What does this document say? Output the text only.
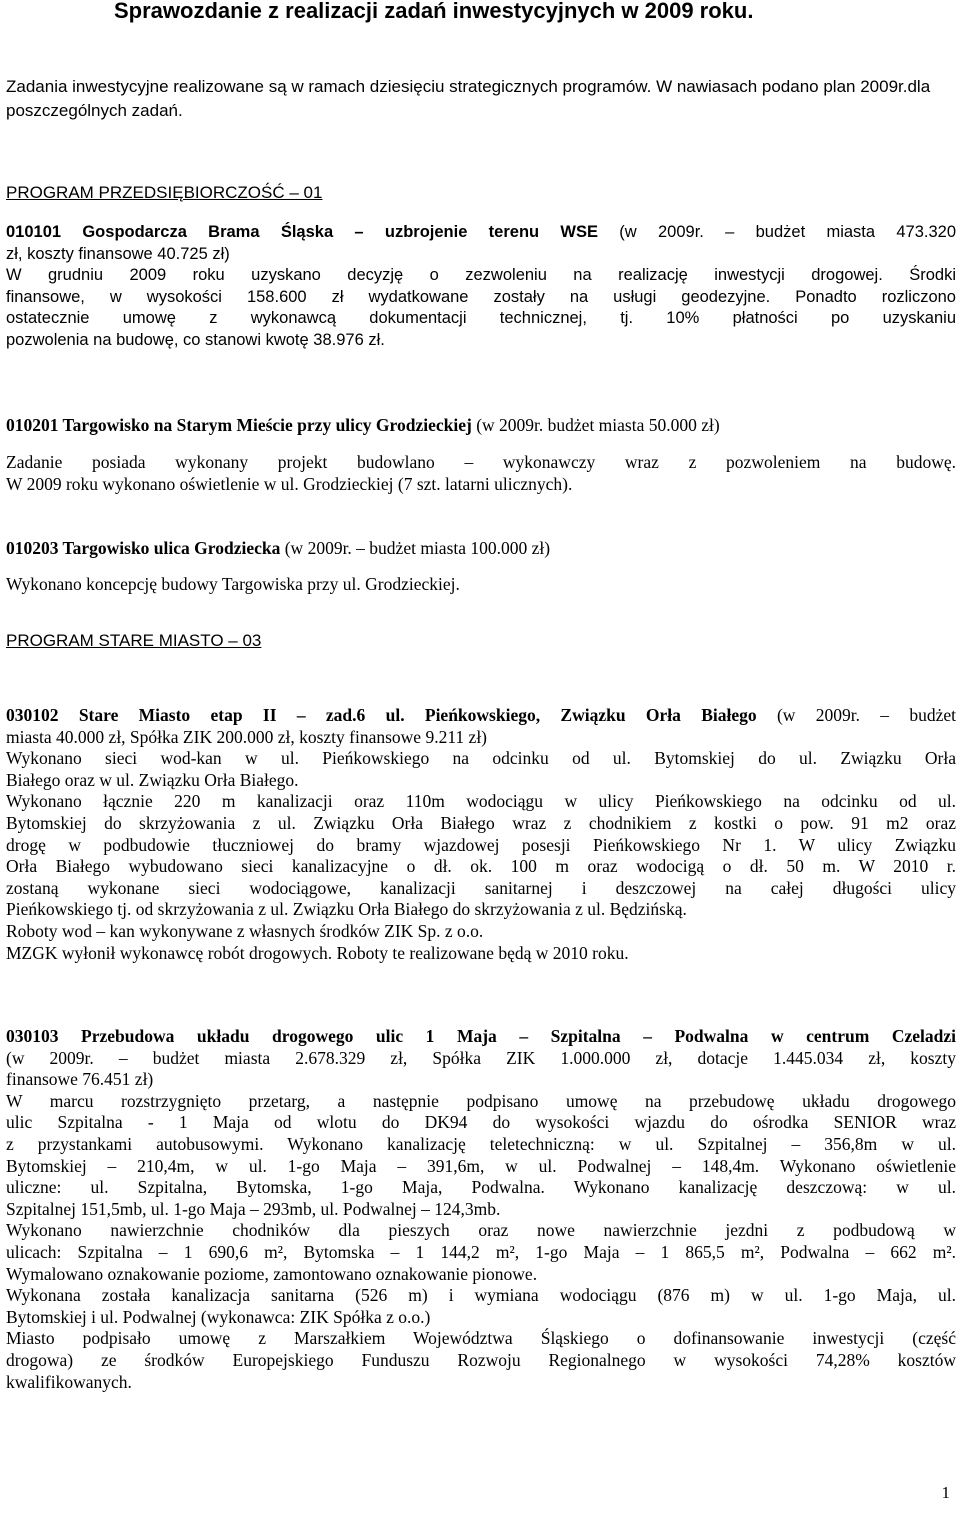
Sprawozdanie z realizacji zadań inwestycyjnych w 2009 roku.

Zadania inwestycyjne realizowane są w ramach dziesięciu strategicznych programów. W nawiasach podano plan 2009r.dla poszczególnych zadań.

PROGRAM PRZEDSIĘBIORCZOŚĆ – 01

010101 Gospodarcza Brama Śląska – uzbrojenie terenu WSE (w 2009r. – budżet miasta 473.320
zł, koszty finansowe 40.725 zł)
W grudniu 2009 roku uzyskano decyzję o zezwoleniu na realizację inwestycji drogowej. Środki
finansowe, w wysokości 158.600 zł wydatkowane zostały na usługi geodezyjne. Ponadto rozliczono
ostatecznie umowę z wykonawcą dokumentacji technicznej, tj. 10% płatności po uzyskaniu
pozwolenia na budowę, co stanowi kwotę 38.976 zł.
010201 Targowisko na Starym Mieście przy ulicy Grodzieckiej (w 2009r. budżet miasta 50.000 zł)
Zadanie posiada wykonany projekt budowlano – wykonawczy wraz z pozwoleniem na budowę.
W 2009 roku wykonano oświetlenie w ul. Grodzieckiej (7 szt. latarni ulicznych).
010203 Targowisko ulica Grodziecka (w 2009r. – budżet miasta 100.000 zł)
Wykonano koncepcję budowy Targowiska przy ul. Grodzieckiej.

PROGRAM STARE MIASTO – 03

030102 Stare Miasto etap II – zad.6 ul. Pieńkowskiego, Związku Orła Białego (w 2009r. – budżet
miasta 40.000 zł, Spółka ZIK 200.000 zł, koszty finansowe 9.211 zł)
Wykonano sieci wod-kan w ul. Pieńkowskiego na odcinku od ul. Bytomskiej do ul. Związku Orła
Białego oraz w ul. Związku Orła Białego.
Wykonano łącznie 220 m kanalizacji oraz 110m wodociągu w ulicy Pieńkowskiego na odcinku od ul.
Bytomskiej do skrzyżowania z ul. Związku Orła Białego wraz z chodnikiem z kostki o pow. 91 m2 oraz
drogę w podbudowie tłuczniowej do bramy wjazdowej posesji Pieńkowskiego Nr 1. W ulicy Związku
Orła Białego wybudowano sieci kanalizacyjne o dł. ok. 100 m oraz wodocigą o dł. 50 m. W 2010 r.
zostaną wykonane sieci wodociągowe, kanalizacji sanitarnej i deszczowej na całej długości ulicy
Pieńkowskiego tj. od skrzyżowania z ul. Związku Orła Białego do skrzyżowania z ul. Będzińską.
Roboty wod – kan wykonywane z własnych środków ZIK Sp. z o.o.
MZGK wyłonił wykonawcę robót drogowych. Roboty te realizowane będą w 2010 roku.
030103 Przebudowa układu drogowego ulic 1 Maja – Szpitalna – Podwalna w centrum Czeladzi
(w 2009r. – budżet miasta 2.678.329 zł, Spółka ZIK 1.000.000 zł, dotacje 1.445.034 zł, koszty
finansowe 76.451 zł)
W marcu rozstrzygnięto przetarg, a następnie podpisano umowę na przebudowę układu drogowego
ulic Szpitalna - 1 Maja od wlotu do DK94 do wysokości wjazdu do ośrodka SENIOR wraz
z przystankami autobusowymi. Wykonano kanalizację teletechniczną: w ul. Szpitalnej – 356,8m w ul.
Bytomskiej – 210,4m, w ul. 1-go Maja – 391,6m, w ul. Podwalnej – 148,4m. Wykonano oświetlenie
uliczne: ul. Szpitalna, Bytomska, 1-go Maja, Podwalna. Wykonano kanalizację deszczową: w ul.
Szpitalnej 151,5mb, ul. 1-go Maja – 293mb, ul. Podwalnej – 124,3mb.
Wykonano nawierzchnie chodników dla pieszych oraz nowe nawierzchnie jezdni z podbudową w
ulicach: Szpitalna – 1 690,6 m², Bytomska – 1 144,2 m², 1-go Maja – 1 865,5 m², Podwalna – 662 m².
Wymalowano oznakowanie poziome, zamontowano oznakowanie pionowe.
Wykonana została kanalizacja sanitarna (526 m) i wymiana wodociągu (876 m) w ul. 1-go Maja, ul.
Bytomskiej i ul. Podwalnej (wykonawca: ZIK Spółka z o.o.)
Miasto podpisało umowę z Marszałkiem Województwa Śląskiego o dofinansowanie inwestycji (część
drogowa) ze środków Europejskiego Funduszu Rozwoju Regionalnego w wysokości 74,28% kosztów
kwalifikowanych.

1
